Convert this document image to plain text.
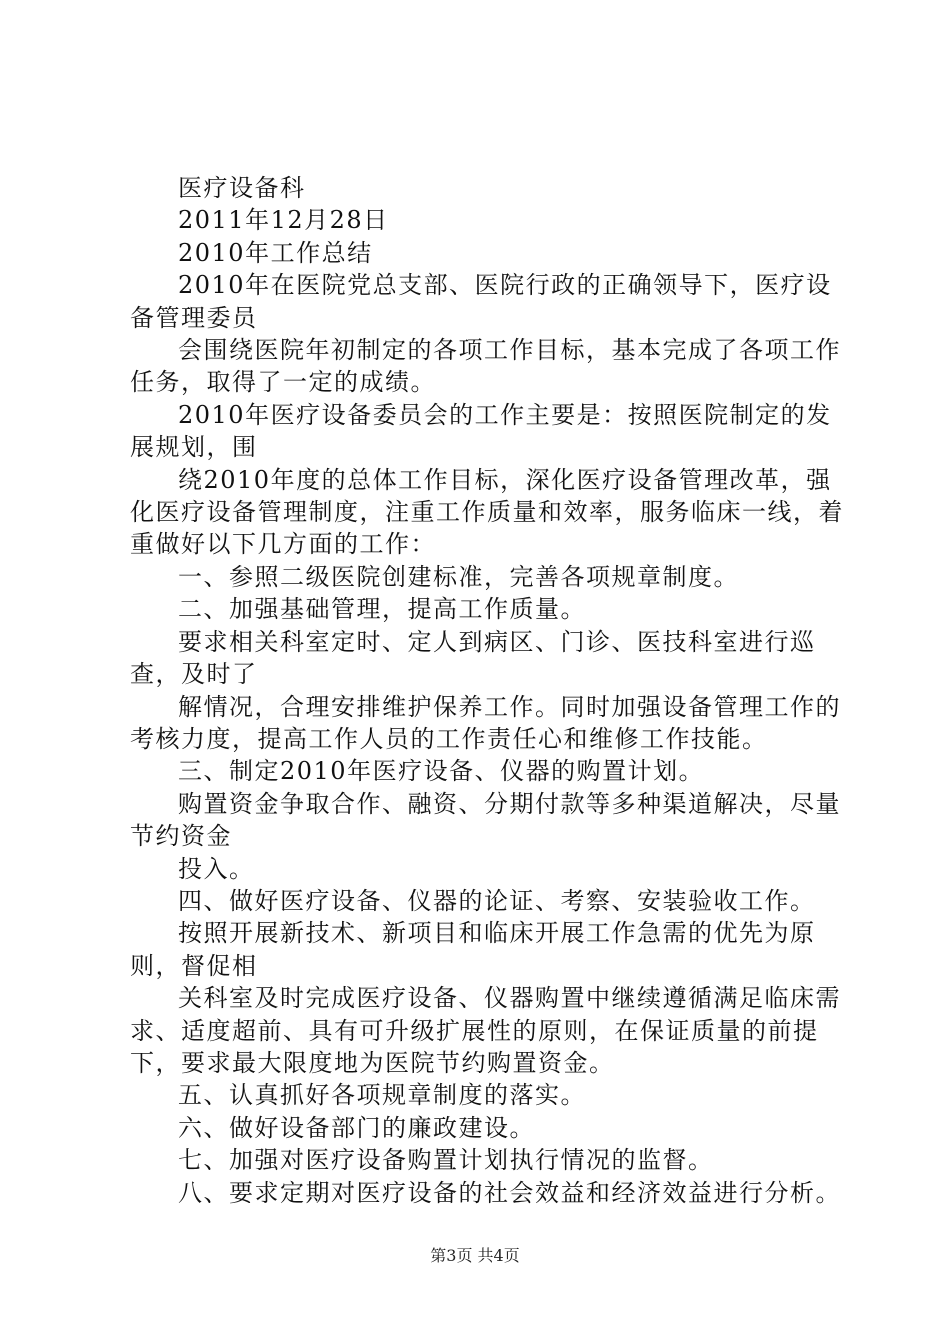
医疗设备科

2011年12月28日

2010年工作总结

2010年在医院党总支部、医院行政的正确领导下，医疗设备管理委员

会围绕医院年初制定的各项工作目标，基本完成了各项工作任务，取得了一定的成绩。

2010年医疗设备委员会的工作主要是：按照医院制定的发展规划，围

绕2010年度的总体工作目标，深化医疗设备管理改革，强化医疗设备管理制度，注重工作质量和效率，服务临床一线，着重做好以下几方面的工作：

一、参照二级医院创建标准，完善各项规章制度。

二、加强基础管理，提高工作质量。

要求相关科室定时、定人到病区、门诊、医技科室进行巡查，及时了

解情况，合理安排维护保养工作。同时加强设备管理工作的考核力度，提高工作人员的工作责任心和维修工作技能。

三、制定2010年医疗设备、仪器的购置计划。

购置资金争取合作、融资、分期付款等多种渠道解决，尽量节约资金

投入。

四、做好医疗设备、仪器的论证、考察、安装验收工作。

按照开展新技术、新项目和临床开展工作急需的优先为原则，督促相

关科室及时完成医疗设备、仪器购置中继续遵循满足临床需求、适度超前、具有可升级扩展性的原则，在保证质量的前提下，要求最大限度地为医院节约购置资金。

五、认真抓好各项规章制度的落实。

六、做好设备部门的廉政建设。

七、加强对医疗设备购置计划执行情况的监督。

八、要求定期对医疗设备的社会效益和经济效益进行分析。

第3页 共4页
